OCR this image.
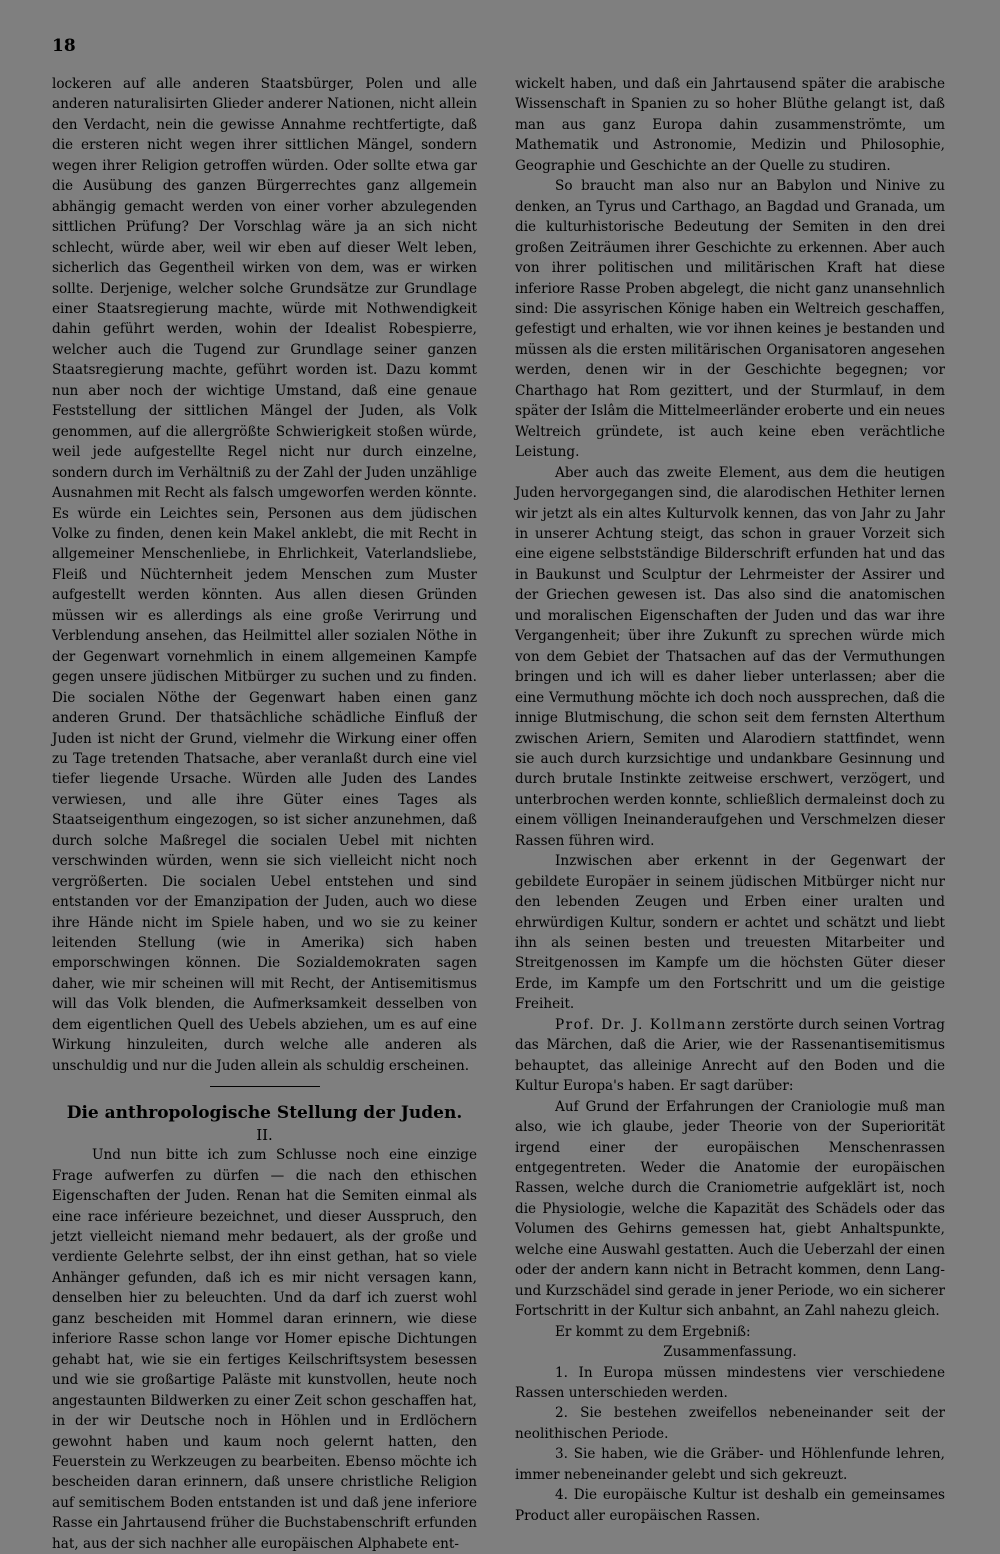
18

lockeren auf alle anderen Staatsbürger, Polen und alle anderen naturalisirten Glieder anderer Nationen, nicht allein den Verdacht, nein die gewisse Annahme rechtfertigte, daß die ersteren nicht wegen ihrer sittlichen Mängel, sondern wegen ihrer Religion getroffen würden. Oder sollte etwa gar die Ausübung des ganzen Bürgerrechtes ganz allgemein abhängig gemacht werden von einer vorher abzulegenden sittlichen Prüfung? Der Vorschlag wäre ja an sich nicht schlecht, würde aber, weil wir eben auf dieser Welt leben, sicherlich das Gegentheil wirken von dem, was er wirken sollte. Derjenige, welcher solche Grundsätze zur Grundlage einer Staatsregierung machte, würde mit Nothwendigkeit dahin geführt werden, wohin der Idealist Robespierre, welcher auch die Tugend zur Grundlage seiner ganzen Staatsregierung machte, geführt worden ist. Dazu kommt nun aber noch der wichtige Umstand, daß eine genaue Feststellung der sittlichen Mängel der Juden, als Volk genommen, auf die allergrößte Schwierigkeit stoßen würde, weil jede aufgestellte Regel nicht nur durch einzelne, sondern durch im Verhältniß zu der Zahl der Juden unzählige Ausnahmen mit Recht als falsch umgeworfen werden könnte. Es würde ein Leichtes sein, Personen aus dem jüdischen Volke zu finden, denen kein Makel anklebt, die mit Recht in allgemeiner Menschenliebe, in Ehrlichkeit, Vaterlandsliebe, Fleiß und Nüchternheit jedem Menschen zum Muster aufgestellt werden könnten. Aus allen diesen Gründen müssen wir es allerdings als eine große Verirrung und Verblendung ansehen, das Heilmittel aller sozialen Nöthe in der Gegenwart vornehmlich in einem allgemeinen Kampfe gegen unsere jüdischen Mitbürger zu suchen und zu finden. Die socialen Nöthe der Gegenwart haben einen ganz anderen Grund. Der thatsächliche schädliche Einfluß der Juden ist nicht der Grund, vielmehr die Wirkung einer offen zu Tage tretenden Thatsache, aber veranlaßt durch eine viel tiefer liegende Ursache. Würden alle Juden des Landes verwiesen, und alle ihre Güter eines Tages als Staatseigenthum eingezogen, so ist sicher anzunehmen, daß durch solche Maßregel die socialen Uebel mit nichten verschwinden würden, wenn sie sich vielleicht nicht noch vergrößerten. Die socialen Uebel entstehen und sind entstanden vor der Emanzipation der Juden, auch wo diese ihre Hände nicht im Spiele haben, und wo sie zu keiner leitenden Stellung (wie in Amerika) sich haben emporschwingen können. Die Sozialdemokraten sagen daher, wie mir scheinen will mit Recht, der Antisemitismus will das Volk blenden, die Aufmerksamkeit desselben von dem eigentlichen Quell des Uebels abziehen, um es auf eine Wirkung hinzuleiten, durch welche alle anderen als unschuldig und nur die Juden allein als schuldig erscheinen.

Die anthropologische Stellung der Juden.

II.

Und nun bitte ich zum Schlusse noch eine einzige Frage aufwerfen zu dürfen — die nach den ethischen Eigenschaften der Juden. Renan hat die Semiten einmal als eine race inférieure bezeichnet, und dieser Ausspruch, den jetzt vielleicht niemand mehr bedauert, als der große und verdiente Gelehrte selbst, der ihn einst gethan, hat so viele Anhänger gefunden, daß ich es mir nicht versagen kann, denselben hier zu beleuchten. Und da darf ich zuerst wohl ganz bescheiden mit Hommel daran erinnern, wie diese inferiore Rasse schon lange vor Homer epische Dichtungen gehabt hat, wie sie ein fertiges Keilschriftsystem besessen und wie sie großartige Paläste mit kunstvollen, heute noch angestaunten Bildwerken zu einer Zeit schon geschaffen hat, in der wir Deutsche noch in Höhlen und in Erdlöchern gewohnt haben und kaum noch gelernt hatten, den Feuerstein zu Werkzeugen zu bearbeiten. Ebenso möchte ich bescheiden daran erinnern, daß unsere christliche Religion auf semitischem Boden entstanden ist und daß jene inferiore Rasse ein Jahrtausend früher die Buchstabenschrift erfunden hat, aus der sich nachher alle europäischen Alphabete ent-

wickelt haben, und daß ein Jahrtausend später die arabische Wissenschaft in Spanien zu so hoher Blüthe gelangt ist, daß man aus ganz Europa dahin zusammenströmte, um Mathematik und Astronomie, Medizin und Philosophie, Geographie und Geschichte an der Quelle zu studiren.

So braucht man also nur an Babylon und Ninive zu denken, an Tyrus und Carthago, an Bagdad und Granada, um die kulturhistorische Bedeutung der Semiten in den drei großen Zeiträumen ihrer Geschichte zu erkennen. Aber auch von ihrer politischen und militärischen Kraft hat diese inferiore Rasse Proben abgelegt, die nicht ganz unansehnlich sind: Die assyrischen Könige haben ein Weltreich geschaffen, gefestigt und erhalten, wie vor ihnen keines je bestanden und müssen als die ersten militärischen Organisatoren angesehen werden, denen wir in der Geschichte begegnen; vor Charthago hat Rom gezittert, und der Sturmlauf, in dem später der Islâm die Mittelmeerländer eroberte und ein neues Weltreich gründete, ist auch keine eben verächtliche Leistung.

Aber auch das zweite Element, aus dem die heutigen Juden hervorgegangen sind, die alarodischen Hethiter lernen wir jetzt als ein altes Kulturvolk kennen, das von Jahr zu Jahr in unserer Achtung steigt, das schon in grauer Vorzeit sich eine eigene selbstständige Bilderschrift erfunden hat und das in Baukunst und Sculptur der Lehrmeister der Assirer und der Griechen gewesen ist. Das also sind die anatomischen und moralischen Eigenschaften der Juden und das war ihre Vergangenheit; über ihre Zukunft zu sprechen würde mich von dem Gebiet der Thatsachen auf das der Vermuthungen bringen und ich will es daher lieber unterlassen; aber die eine Vermuthung möchte ich doch noch aussprechen, daß die innige Blutmischung, die schon seit dem fernsten Alterthum zwischen Ariern, Semiten und Alarodiern stattfindet, wenn sie auch durch kurzsichtige und undankbare Gesinnung und durch brutale Instinkte zeitweise erschwert, verzögert, und unterbrochen werden konnte, schließlich dermaleinst doch zu einem völligen Ineinanderaufgehen und Verschmelzen dieser Rassen führen wird.

Inzwischen aber erkennt in der Gegenwart der gebildete Europäer in seinem jüdischen Mitbürger nicht nur den lebenden Zeugen und Erben einer uralten und ehrwürdigen Kultur, sondern er achtet und schätzt und liebt ihn als seinen besten und treuesten Mitarbeiter und Streitgenossen im Kampfe um die höchsten Güter dieser Erde, im Kampfe um den Fortschritt und um die geistige Freiheit.

Prof. Dr. J. Kollmann zerstörte durch seinen Vortrag das Märchen, daß die Arier, wie der Rassenantisemitismus behauptet, das alleinige Anrecht auf den Boden und die Kultur Europa's haben. Er sagt darüber:

Auf Grund der Erfahrungen der Craniologie muß man also, wie ich glaube, jeder Theorie von der Superiorität irgend einer der europäischen Menschenrassen entgegentreten. Weder die Anatomie der europäischen Rassen, welche durch die Craniometrie aufgeklärt ist, noch die Physiologie, welche die Kapazität des Schädels oder das Volumen des Gehirns gemessen hat, giebt Anhaltspunkte, welche eine Auswahl gestatten. Auch die Ueberzahl der einen oder der andern kann nicht in Betracht kommen, denn Lang- und Kurzschädel sind gerade in jener Periode, wo ein sicherer Fortschritt in der Kultur sich anbahnt, an Zahl nahezu gleich.

Er kommt zu dem Ergebniß:

Zusammenfassung.

1. In Europa müssen mindestens vier verschiedene Rassen unterschieden werden.

2. Sie bestehen zweifellos nebeneinander seit der neolithischen Periode.

3. Sie haben, wie die Gräber- und Höhlenfunde lehren, immer nebeneinander gelebt und sich gekreuzt.

4. Die europäische Kultur ist deshalb ein gemeinsames Product aller europäischen Rassen.
